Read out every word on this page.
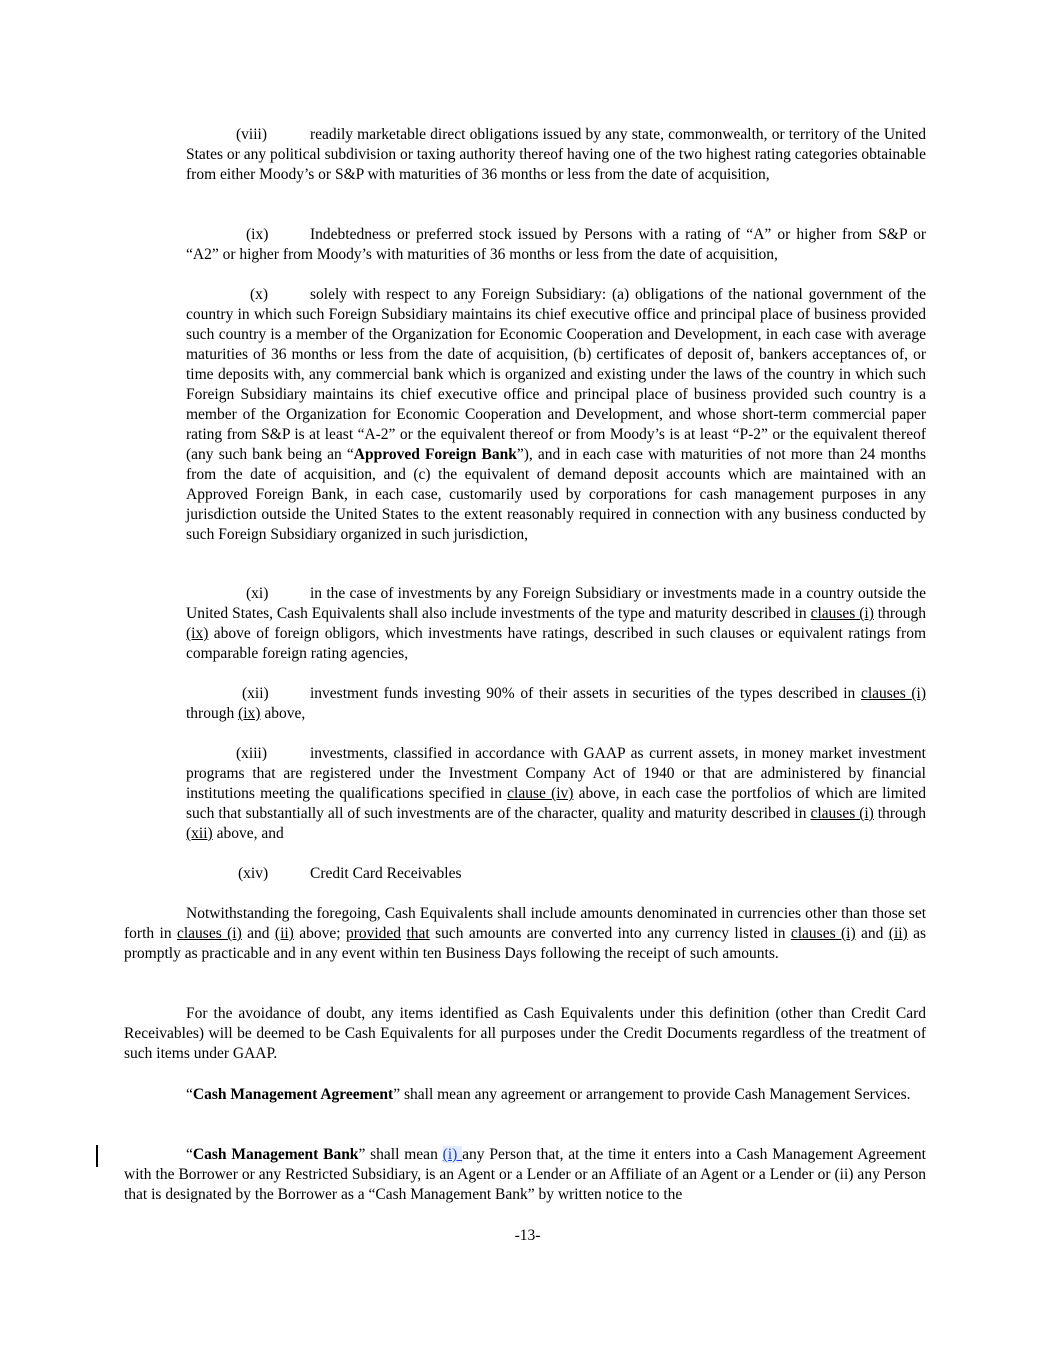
(viii)	readily marketable direct obligations issued by any state, commonwealth, or territory of the United States or any political subdivision or taxing authority thereof having one of the two highest rating categories obtainable from either Moody’s or S&P with maturities of 36 months or less from the date of acquisition,

(ix)	Indebtedness or preferred stock issued by Persons with a rating of “A” or higher from S&P or “A2” or higher from Moody’s with maturities of 36 months or less from the date of acquisition,

(x)	solely with respect to any Foreign Subsidiary: (a) obligations of the national government of the country in which such Foreign Subsidiary maintains its chief executive office and principal place of business provided such country is a member of the Organization for Economic Cooperation and Development, in each case with average maturities of 36 months or less from the date of acquisition, (b) certificates of deposit of, bankers acceptances of, or time deposits with, any commercial bank which is organized and existing under the laws of the country in which such Foreign Subsidiary maintains its chief executive office and principal place of business provided such country is a member of the Organization for Economic Cooperation and Development, and whose short-term commercial paper rating from S&P is at least “A-2” or the equivalent thereof or from Moody’s is at least “P-2” or the equivalent thereof (any such bank being an “Approved Foreign Bank”), and in each case with maturities of not more than 24 months from the date of acquisition, and (c) the equivalent of demand deposit accounts which are maintained with an Approved Foreign Bank, in each case, customarily used by corporations for cash management purposes in any jurisdiction outside the United States to the extent reasonably required in connection with any business conducted by such Foreign Subsidiary organized in such jurisdiction,

(xi)	in the case of investments by any Foreign Subsidiary or investments made in a country outside the United States, Cash Equivalents shall also include investments of the type and maturity described in clauses (i) through (ix) above of foreign obligors, which investments have ratings, described in such clauses or equivalent ratings from comparable foreign rating agencies,

(xii)	investment funds investing 90% of their assets in securities of the types described in clauses (i) through (ix) above,

(xiii)	investments, classified in accordance with GAAP as current assets, in money market investment programs that are registered under the Investment Company Act of 1940 or that are administered by financial institutions meeting the qualifications specified in clause (iv) above, in each case the portfolios of which are limited such that substantially all of such investments are of the character, quality and maturity described in clauses (i) through (xii) above, and

(xiv)	Credit Card Receivables

Notwithstanding the foregoing, Cash Equivalents shall include amounts denominated in currencies other than those set forth in clauses (i) and (ii) above; provided that such amounts are converted into any currency listed in clauses (i) and (ii) as promptly as practicable and in any event within ten Business Days following the receipt of such amounts.

For the avoidance of doubt, any items identified as Cash Equivalents under this definition (other than Credit Card Receivables) will be deemed to be Cash Equivalents for all purposes under the Credit Documents regardless of the treatment of such items under GAAP.

“Cash Management Agreement” shall mean any agreement or arrangement to provide Cash Management Services.

“Cash Management Bank” shall mean (i) any Person that, at the time it enters into a Cash Management Agreement with the Borrower or any Restricted Subsidiary, is an Agent or a Lender or an Affiliate of an Agent or a Lender or (ii) any Person that is designated by the Borrower as a “Cash Management Bank” by written notice to the

-13-
